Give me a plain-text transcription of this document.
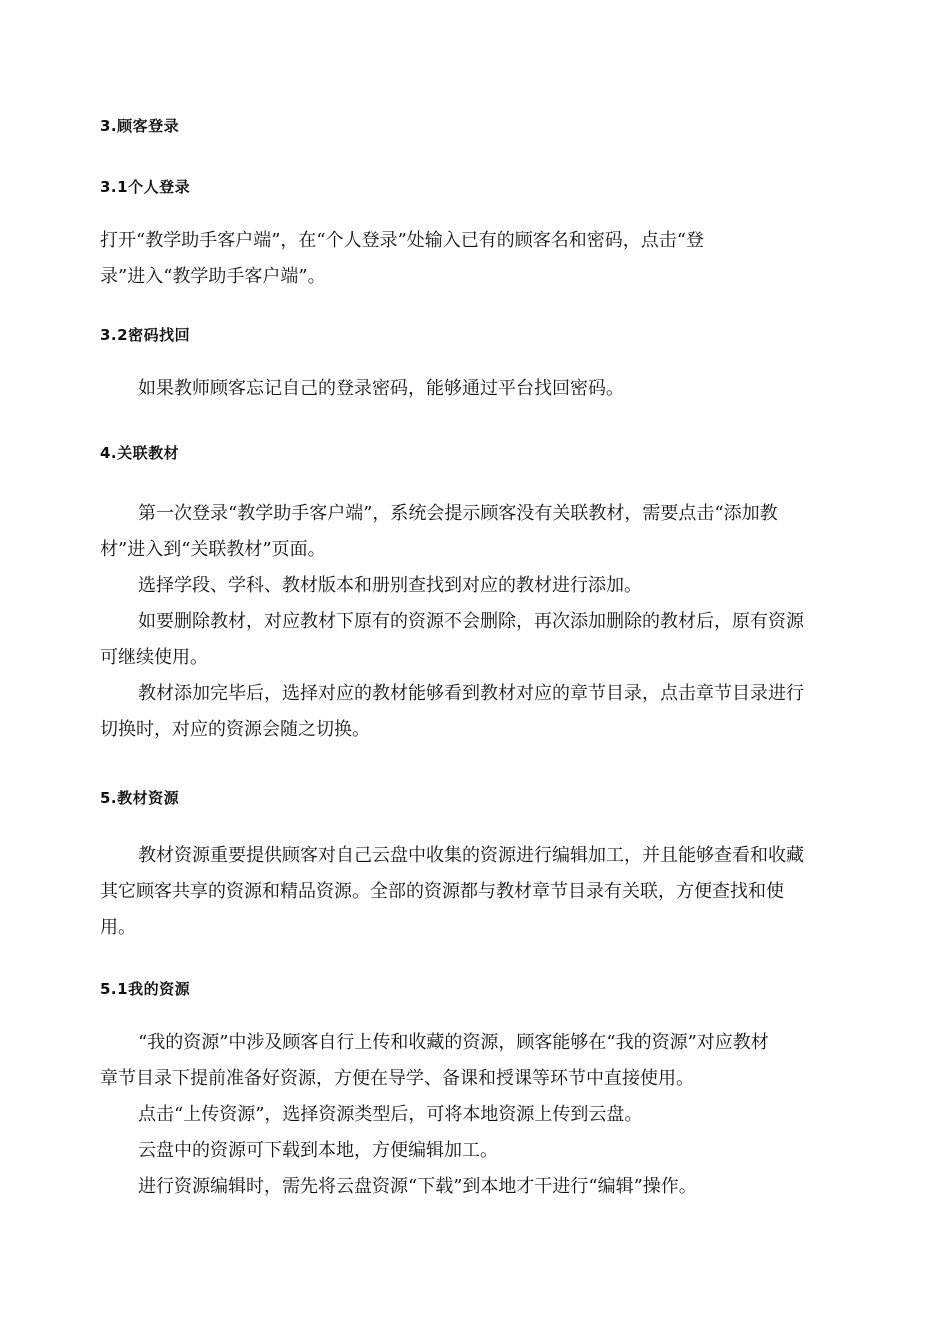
3.顾客登录
3.1个人登录
打开“教学助手客户端”，在“个人登录”处输入已有的顾客名和密码，点击“登
录”进入“教学助手客户端”。
3.2密码找回
如果教师顾客忘记自己的登录密码，能够通过平台找回密码。
4.关联教材
第一次登录“教学助手客户端”，系统会提示顾客没有关联教材，需要点击“添加教
材”进入到“关联教材”页面。
选择学段、学科、教材版本和册别查找到对应的教材进行添加。
如要删除教材，对应教材下原有的资源不会删除，再次添加删除的教材后，原有资源
可继续使用。
教材添加完毕后，选择对应的教材能够看到教材对应的章节目录，点击章节目录进行
切换时，对应的资源会随之切换。
5.教材资源
教材资源重要提供顾客对自己云盘中收集的资源进行编辑加工，并且能够查看和收藏
其它顾客共享的资源和精品资源。全部的资源都与教材章节目录有关联，方便查找和使
用。
5.1我的资源
“我的资源”中涉及顾客自行上传和收藏的资源，顾客能够在“我的资源”对应教材
章节目录下提前准备好资源，方便在导学、备课和授课等环节中直接使用。
点击“上传资源”，选择资源类型后，可将本地资源上传到云盘。
云盘中的资源可下载到本地，方便编辑加工。
进行资源编辑时，需先将云盘资源“下载”到本地才干进行“编辑”操作。
